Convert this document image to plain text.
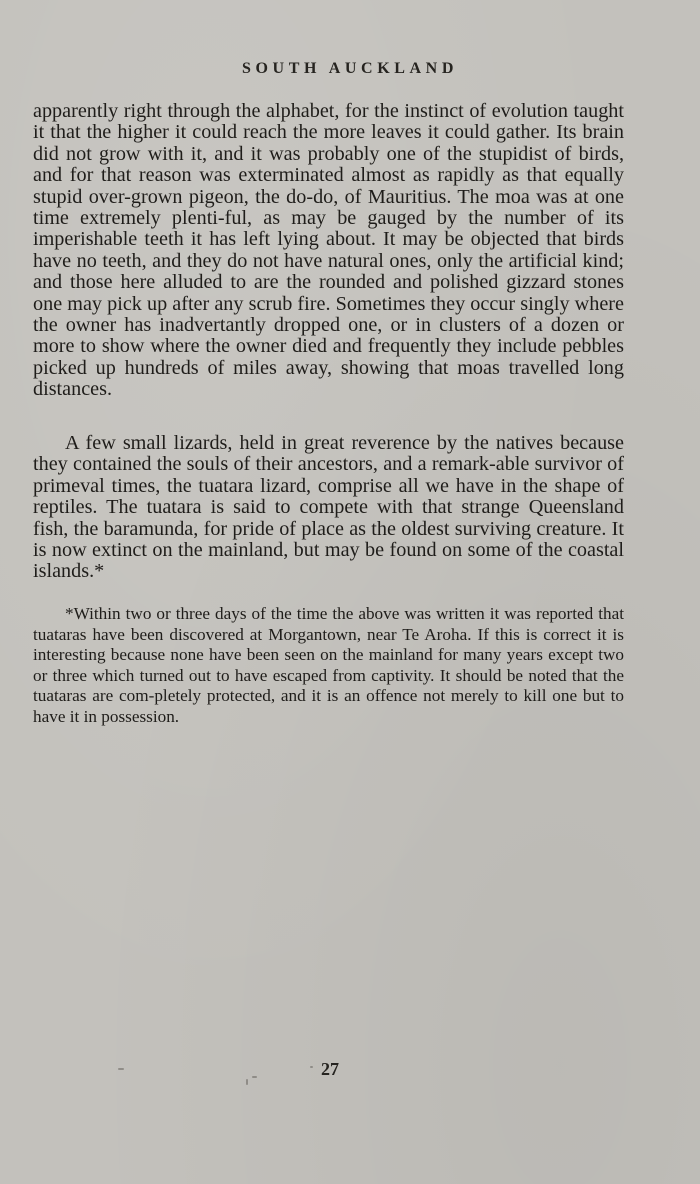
SOUTH AUCKLAND

apparently right through the alphabet, for the instinct of evolution taught it that the higher it could reach the more leaves it could gather. Its brain did not grow with it, and it was probably one of the stupidist of birds, and for that reason was exterminated almost as rapidly as that equally stupid over-grown pigeon, the do-do, of Mauritius. The moa was at one time extremely plenti-ful, as may be gauged by the number of its imperishable teeth it has left lying about. It may be objected that birds have no teeth, and they do not have natural ones, only the artificial kind; and those here alluded to are the rounded and polished gizzard stones one may pick up after any scrub fire. Sometimes they occur singly where the owner has inadvertantly dropped one, or in clusters of a dozen or more to show where the owner died and frequently they include pebbles picked up hundreds of miles away, showing that moas travelled long distances.

A few small lizards, held in great reverence by the natives because they contained the souls of their ancestors, and a remark-able survivor of primeval times, the tuatara lizard, comprise all we have in the shape of reptiles. The tuatara is said to compete with that strange Queensland fish, the baramunda, for pride of place as the oldest surviving creature. It is now extinct on the mainland, but may be found on some of the coastal islands.*

*Within two or three days of the time the above was written it was reported that tuataras have been discovered at Morgantown, near Te Aroha. If this is correct it is interesting because none have been seen on the mainland for many years except two or three which turned out to have escaped from captivity. It should be noted that the tuataras are com-pletely protected, and it is an offence not merely to kill one but to have it in possession.

27
